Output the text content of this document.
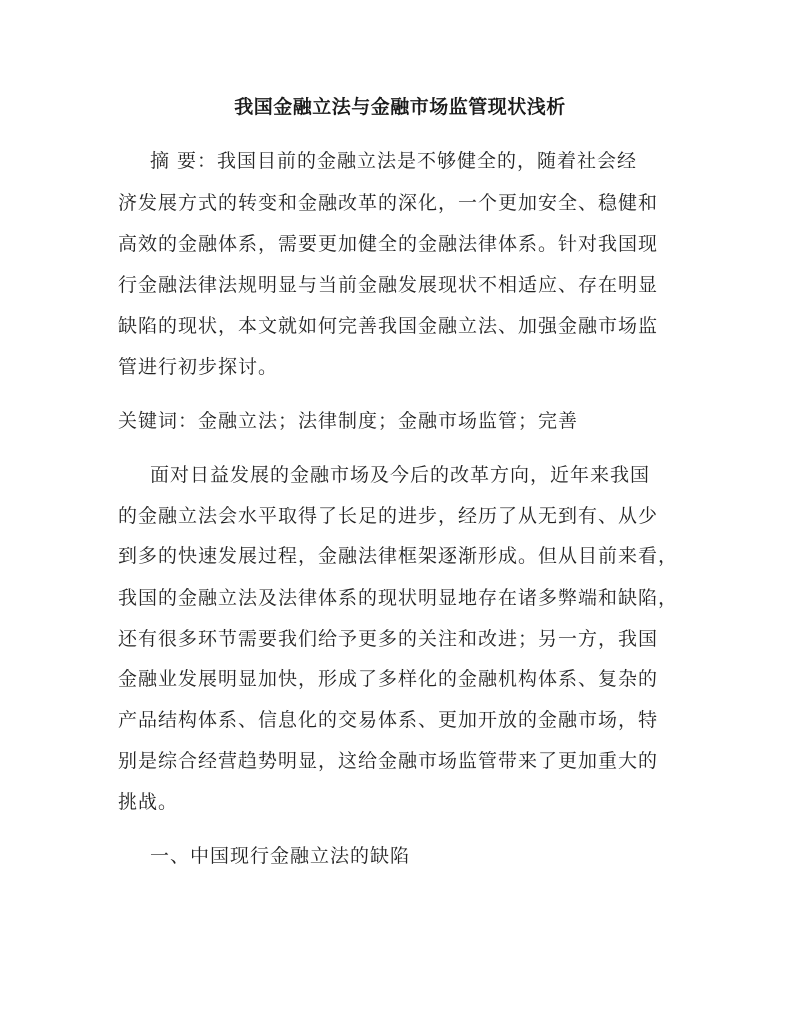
我国金融立法与金融市场监管现状浅析
摘 要：我国目前的金融立法是不够健全的，随着社会经
济发展方式的转变和金融改革的深化，一个更加安全、稳健和
高效的金融体系，需要更加健全的金融法律体系。针对我国现
行金融法律法规明显与当前金融发展现状不相适应、存在明显
缺陷的现状，本文就如何完善我国金融立法、加强金融市场监
管进行初步探讨。
关键词：金融立法；法律制度；金融市场监管；完善
面对日益发展的金融市场及今后的改革方向，近年来我国
的金融立法会水平取得了长足的进步，经历了从无到有、从少
到多的快速发展过程，金融法律框架逐渐形成。但从目前来看，
我国的金融立法及法律体系的现状明显地存在诸多弊端和缺陷，
还有很多环节需要我们给予更多的关注和改进；另一方，我国
金融业发展明显加快，形成了多样化的金融机构体系、复杂的
产品结构体系、信息化的交易体系、更加开放的金融市场，特
别是综合经营趋势明显，这给金融市场监管带来了更加重大的
挑战。
一、中国现行金融立法的缺陷
